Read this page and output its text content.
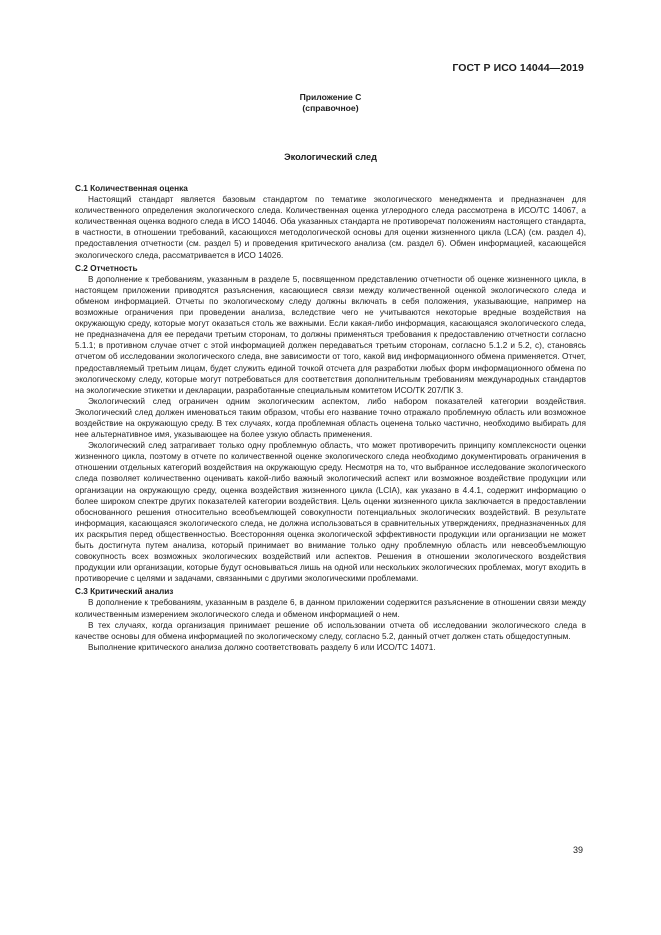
ГОСТ Р ИСО 14044—2019
Приложение C
(справочное)
Экологический след

С.1 Количественная оценка

Настоящий стандарт является базовым стандартом по тематике экологического менеджмента и предназначен для количественного определения экологического следа. Количественная оценка углеродного следа рассмотрена в ИСО/TC 14067, а количественная оценка водного следа в ИСО 14046. Оба указанных стандарта не противоречат положениям настоящего стандарта, в частности, в отношении требований, касающихся методологической основы для оценки жизненного цикла (LCA) (см. раздел 4), предоставления отчетности (см. раздел 5) и проведения критического анализа (см. раздел 6). Обмен информацией, касающейся экологического следа, рассматривается в ИСО 14026.

С.2 Отчетность

В дополнение к требованиям, указанным в разделе 5, посвященном представлению отчетности об оценке жизненного цикла, в настоящем приложении приводятся разъяснения, касающиеся связи между количественной оценкой экологического следа и обменом информацией. Отчеты по экологическому следу должны включать в себя положения, указывающие, например на возможные ограничения при проведении анализа, вследствие чего не учитываются некоторые вредные воздействия на окружающую среду, которые могут оказаться столь же важными. Если какая-либо информация, касающаяся экологического следа, не предназначена для ее передачи третьим сторонам, то должны применяться требования к предоставлению отчетности согласно 5.1.1; в противном случае отчет с этой информацией должен передаваться третьим сторонам, согласно 5.1.2 и 5.2, с), становясь отчетом об исследовании экологического следа, вне зависимости от того, какой вид информационного обмена применяется. Отчет, предоставляемый третьим лицам, будет служить единой точкой отсчета для разработки любых форм информационного обмена по экологическому следу, которые могут потребоваться для соответствия дополнительным требованиям международных стандартов на экологические этикетки и декларации, разработанные специальным комитетом ИСО/ТК 207/ПК 3.

Экологический след ограничен одним экологическим аспектом, либо набором показателей категории воздействия. Экологический след должен именоваться таким образом, чтобы его название точно отражало проблемную область или возможное воздействие на окружающую среду. В тех случаях, когда проблемная область оценена только частично, необходимо выбирать для нее альтернативное имя, указывающее на более узкую область применения.

Экологический след затрагивает только одну проблемную область, что может противоречить принципу комплексности оценки жизненного цикла, поэтому в отчете по количественной оценке экологического следа необходимо документировать ограничения в отношении отдельных категорий воздействия на окружающую среду. Несмотря на то, что выбранное исследование экологического следа позволяет количественно оценивать какой-либо важный экологический аспект или возможное воздействие продукции или организации на окружающую среду, оценка воздействия жизненного цикла (LCIA), как указано в 4.4.1, содержит информацию о более широком спектре других показателей категории воздействия. Цель оценки жизненного цикла заключается в предоставлении обоснованного решения относительно всеобъемлющей совокупности потенциальных экологических воздействий. В результате информация, касающаяся экологического следа, не должна использоваться в сравнительных утверждениях, предназначенных для их раскрытия перед общественностью. Всесторонняя оценка экологической эффективности продукции или организации не может быть достигнута путем анализа, который принимает во внимание только одну проблемную область или невсеобъемлющую совокупность всех возможных экологических воздействий или аспектов. Решения в отношении экологического воздействия продукции или организации, которые будут основываться лишь на одной или нескольких экологических проблемах, могут входить в противоречие с целями и задачами, связанными с другими экологическими проблемами.

С.3 Критический анализ

В дополнение к требованиям, указанным в разделе 6, в данном приложении содержится разъяснение в отношении связи между количественным измерением экологического следа и обменом информацией о нем.

В тех случаях, когда организация принимает решение об использовании отчета об исследовании экологического следа в качестве основы для обмена информацией по экологическому следу, согласно 5.2, данный отчет должен стать общедоступным.

Выполнение критического анализа должно соответствовать разделу 6 или ИСО/TC 14071.

39
